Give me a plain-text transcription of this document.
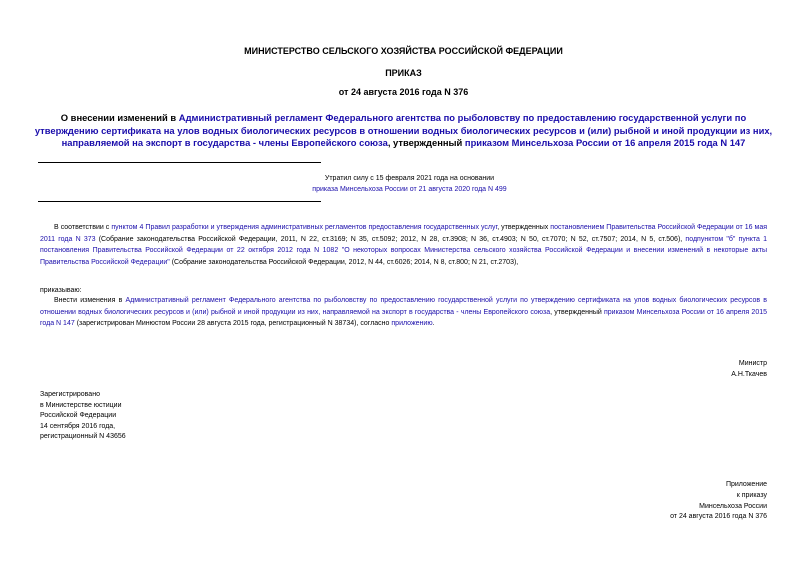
МИНИСТЕРСТВО СЕЛЬСКОГО ХОЗЯЙСТВА РОССИЙСКОЙ ФЕДЕРАЦИИ
ПРИКАЗ
от 24 августа 2016 года N 376
О внесении изменений в Административный регламент Федерального агентства по рыболовству по предоставлению государственной услуги по утверждению сертификата на улов водных биологических ресурсов в отношении водных биологических ресурсов и (или) рыбной и иной продукции из них, направляемой на экспорт в государства - члены Европейского союза, утвержденный приказом Минсельхоза России от 16 апреля 2015 года N 147
Утратил силу с 15 февраля 2021 года на основании
приказа Минсельхоза России от 21 августа 2020 года N 499
В соответствии с пунктом 4 Правил разработки и утверждения административных регламентов предоставления государственных услуг, утвержденных постановлением Правительства Российской Федерации от 16 мая 2011 года N 373 (Собрание законодательства Российской Федерации, 2011, N 22, ст.3169; N 35, ст.5092; 2012, N 28, ст.3908; N 36, ст.4903; N 50, ст.7070; N 52, ст.7507; 2014, N 5, ст.506), подпунктом "б" пункта 1 постановления Правительства Российской Федерации от 22 октября 2012 года N 1082 "О некоторых вопросах Министерства сельского хозяйства Российской Федерации и внесении изменений в некоторые акты Правительства Российской Федерации" (Собрание законодательства Российской Федерации, 2012, N 44, ст.6026; 2014, N 8, ст.800; N 21, ст.2703),
приказываю:
Внести изменения в Административный регламент Федерального агентства по рыболовству по предоставлению государственной услуги по утверждению сертификата на улов водных биологических ресурсов в отношении водных биологических ресурсов и (или) рыбной и иной продукции из них, направляемой на экспорт в государства - члены Европейского союза, утвержденный приказом Минсельхоза России от 16 апреля 2015 года N 147 (зарегистрирован Минюстом России 28 августа 2015 года, регистрационный N 38734), согласно приложению.
Министр
А.Н.Ткачев
Зарегистрировано
в Министерстве юстиции
Российской Федерации
14 сентября 2016 года,
регистрационный N 43656
Приложение
к приказу
Минсельхоза России
от 24 августа 2016 года N 376
